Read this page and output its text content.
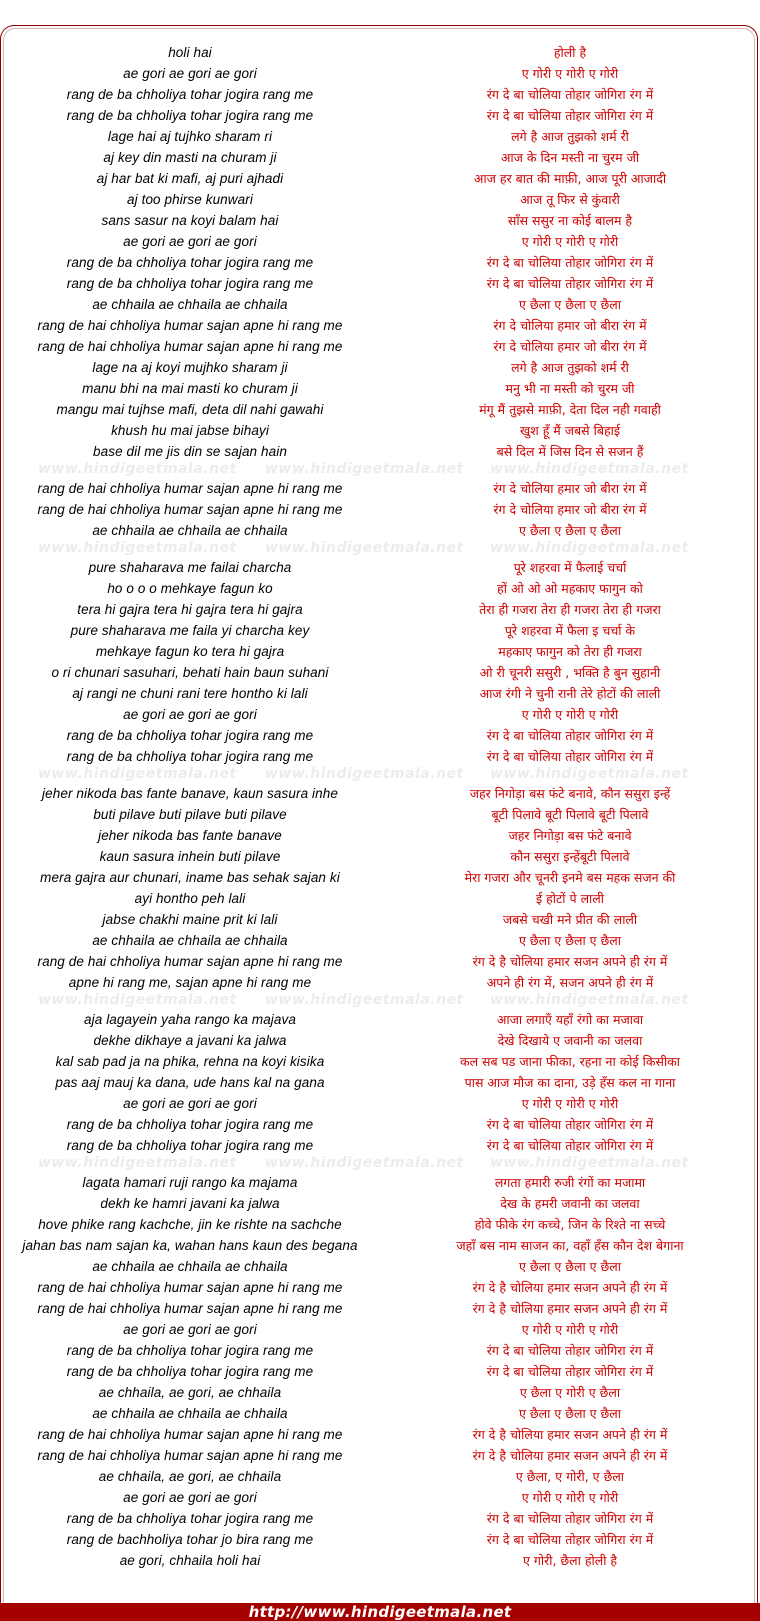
holi hai	होली है
ae gori ae gori ae gori	ए गोरी ए गोरी ए गोरी
rang de ba chholiya tohar jogira rang me	रंग दे बा चोलिया तोहार जोगिरा रंग में
rang de ba chholiya tohar jogira rang me	रंग दे बा चोलिया तोहार जोगिरा रंग में
lage hai aj tujhko sharam ri	लगे है आज तुझको शर्म री
aj key din masti na churam ji	आज के दिन मस्ती ना चुरम जी
aj har bat ki mafi, aj puri ajhadi	आज हर बात की माफ़ी, आज पूरी आजादी
aj too phirse kunwari	आज तू फिर से कुंवारी
sans sasur na koyi balam hai	साँस ससुर ना कोई बालम है
ae gori ae gori ae gori	ए गोरी ए गोरी ए गोरी
rang de ba chholiya tohar jogira rang me	रंग दे बा चोलिया तोहार जोगिरा रंग में
rang de ba chholiya tohar jogira rang me	रंग दे बा चोलिया तोहार जोगिरा रंग में
ae chhaila ae chhaila ae chhaila	ए छैला ए छैला ए छैला
rang de hai chholiya humar sajan apne hi rang me	रंग दे चोलिया हमार जो बीरा रंग में
rang de hai chholiya humar sajan apne hi rang me	रंग दे चोलिया हमार जो बीरा रंग में
lage na aj koyi mujhko sharam ji	लगे है आज तुझको शर्म री
manu bhi na mai masti ko churam ji	मनु भी ना मस्ती को चुरम जी
mangu mai tujhse mafi, deta dil nahi gawahi	मंगू मैं तुझसे माफ़ी, देता दिल नही गवाही
khush hu mai jabse bihayi	खुश हूँ मैं जबसे बिहाई
base dil me jis din se sajan hain	बसे दिल में जिस दिन से सजन हैं
www.hindigeetmala.net www.hindigeetmala.net www.hindigeetmala.net
rang de hai chholiya humar sajan apne hi rang me	रंग दे चोलिया हमार जो बीरा रंग में
rang de hai chholiya humar sajan apne hi rang me	रंग दे चोलिया हमार जो बीरा रंग में
ae chhaila ae chhaila ae chhaila	ए छैला ए छैला ए छैला
www.hindigeetmala.net www.hindigeetmala.net www.hindigeetmala.net
pure shaharava me failai charcha	पूरे शहरवा में फैलाई चर्चा
ho o o o mehkaye fagun ko	हों ओ ओ ओ महकाए फागुन को
tera hi gajra tera hi gajra tera hi gajra	तेरा ही गजरा तेरा ही गजरा तेरा ही गजरा
pure shaharava me faila yi charcha key	पूरे शहरवा में फैला इ चर्चा के
mehkaye fagun ko tera hi gajra	महकाए फागुन को तेरा ही गजरा
o ri chunari sasuhari, behati hain baun suhani	ओ री चूनरी ससुरी , भक्ति है बुन सुहानी
aj rangi ne chuni rani tere hontho ki lali	आज रंगी ने चुनी रानी तेरे होटों की लाली
ae gori ae gori ae gori	ए गोरी ए गोरी ए गोरी
rang de ba chholiya tohar jogira rang me	रंग दे बा चोलिया तोहार जोगिरा रंग में
rang de ba chholiya tohar jogira rang me	रंग दे बा चोलिया तोहार जोगिरा रंग में
www.hindigeetmala.net www.hindigeetmala.net www.hindigeetmala.net
jeher nikoda bas fante banave, kaun sasura inhe	जहर निगोड़ा बस फंटे बनावे, कौन ससुरा इन्हें
buti pilave buti pilave buti pilave	बूटी पिलावे बूटी पिलावे बूटी पिलावे
jeher nikoda bas fante banave	जहर निगोड़ा बस फंटे बनावे
kaun sasura inhein buti pilave	कौन ससुरा इन्हेंबूटी पिलावे
mera gajra aur chunari, iname bas sehak sajan ki	मेरा गजरा और चूनरी इनमे बस महक सजन की
ayi hontho peh lali	ई होटों पे लाली
jabse chakhi maine prit ki lali	जबसे चखी मने प्रीत की लाली
ae chhaila ae chhaila ae chhaila	ए छैला ए छैला ए छैला
rang de hai chholiya humar sajan apne hi rang me	रंग दे है चोलिया हमार सजन अपने ही रंग में
apne hi rang me, sajan apne hi rang me	अपने ही रंग में, सजन अपने ही रंग में
www.hindigeetmala.net www.hindigeetmala.net www.hindigeetmala.net
aja lagayein yaha rango ka majava	आजा लगाएँ यहाँ रंगो का मजावा
dekhe dikhaye a javani ka jalwa	देखे दिखाये ए जवानी का जलवा
kal sab pad ja na phika, rehna na koyi kisika	कल सब पड जाना फीका, रहना ना कोई किसीका
pas aaj mauj ka dana, ude hans kal na gana	पास आज मौज का दाना, उड़े हँस कल ना गाना
ae gori ae gori ae gori	ए गोरी ए गोरी ए गोरी
rang de ba chholiya tohar jogira rang me	रंग दे बा चोलिया तोहार जोगिरा रंग में
rang de ba chholiya tohar jogira rang me	रंग दे बा चोलिया तोहार जोगिरा रंग में
www.hindigeetmala.net www.hindigeetmala.net www.hindigeetmala.net
lagata hamari ruji rango ka majama	लगता हमारी रुजी रंगों का मजामा
dekh ke hamri javani ka jalwa	देख के हमरी जवानी का जलवा
hove phike rang kachche, jin ke rishte na sachche	होवे फीके रंग कच्चे, जिन के रिश्ते ना सच्चे
jahan bas nam sajan ka, wahan hans kaun des begana	जहाँ बस नाम साजन का, वहाँ हँस कौन देश बेगाना
ae chhaila ae chhaila ae chhaila	ए छैला ए छैला ए छैला
rang de hai chholiya humar sajan apne hi rang me	रंग दे है चोलिया हमार सजन अपने ही रंग में
rang de hai chholiya humar sajan apne hi rang me	रंग दे है चोलिया हमार सजन अपने ही रंग में
ae gori ae gori ae gori	ए गोरी ए गोरी ए गोरी
rang de ba chholiya tohar jogira rang me	रंग दे बा चोलिया तोहार जोगिरा रंग में
rang de ba chholiya tohar jogira rang me	रंग दे बा चोलिया तोहार जोगिरा रंग में
ae chhaila, ae gori, ae chhaila	ए छैला ए गोरी ए छैला
ae chhaila ae chhaila ae chhaila	ए छैला ए छैला ए छैला
rang de hai chholiya humar sajan apne hi rang me	रंग दे है चोलिया हमार सजन अपने ही रंग में
rang de hai chholiya humar sajan apne hi rang me	रंग दे है चोलिया हमार सजन अपने ही रंग में
ae chhaila, ae gori, ae chhaila	ए छैला, ए गोरी, ए छैला
ae gori ae gori ae gori	ए गोरी ए गोरी ए गोरी
rang de ba chholiya tohar jogira rang me	रंग दे बा चोलिया तोहार जोगिरा रंग में
rang de bachholiya tohar jo bira rang me	रंग दे बा चोलिया तोहार जोगिरा रंग में
ae gori, chhaila holi hai	ए गोरी, छैला होली है
http://www.hindigeetmala.net
